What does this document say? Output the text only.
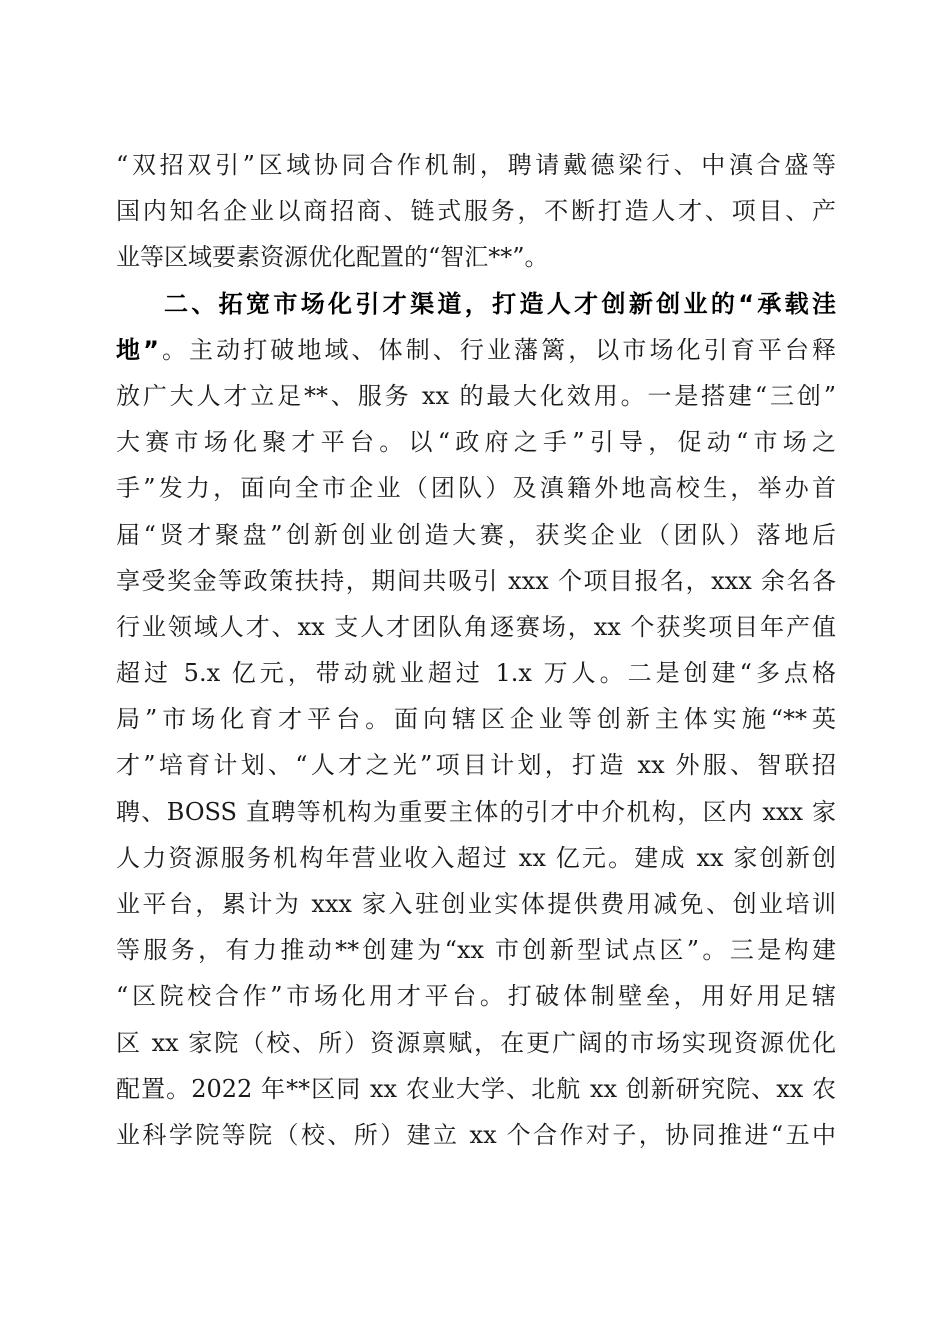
“双招双引”区域协同合作机制，聘请戴德梁行、中滇合盛等
国内知名企业以商招商、链式服务，不断打造人才、项目、产
业等区域要素资源优化配置的“智汇**”。
二、拓宽市场化引才渠道，打造人才创新创业的“承载洼
地”。主动打破地域、体制、行业藩篱，以市场化引育平台释
放广大人才立足**、服务 xx 的最大化效用。一是搭建“三创”
大赛市场化聚才平台。以“政府之手”引导，促动“市场之
手”发力，面向全市企业（团队）及滇籍外地高校生，举办首
届“贤才聚盘”创新创业创造大赛，获奖企业（团队）落地后
享受奖金等政策扶持，期间共吸引 xxx 个项目报名，xxx 余名各
行业领域人才、xx 支人才团队角逐赛场，xx 个获奖项目年产值
超过 5.x 亿元，带动就业超过 1.x 万人。二是创建“多点格
局”市场化育才平台。面向辖区企业等创新主体实施“**英
才”培育计划、“人才之光”项目计划，打造 xx 外服、智联招
聘、BOSS 直聘等机构为重要主体的引才中介机构，区内 xxx 家
人力资源服务机构年营业收入超过 xx 亿元。建成 xx 家创新创
业平台，累计为 xxx 家入驻创业实体提供费用减免、创业培训
等服务，有力推动**创建为“xx 市创新型试点区”。三是构建
“区院校合作”市场化用才平台。打破体制壁垒，用好用足辖
区 xx 家院（校、所）资源禀赋，在更广阔的市场实现资源优化
配置。2022 年**区同 xx 农业大学、北航 xx 创新研究院、xx 农
业科学院等院（校、所）建立 xx 个合作对子，协同推进“五中
